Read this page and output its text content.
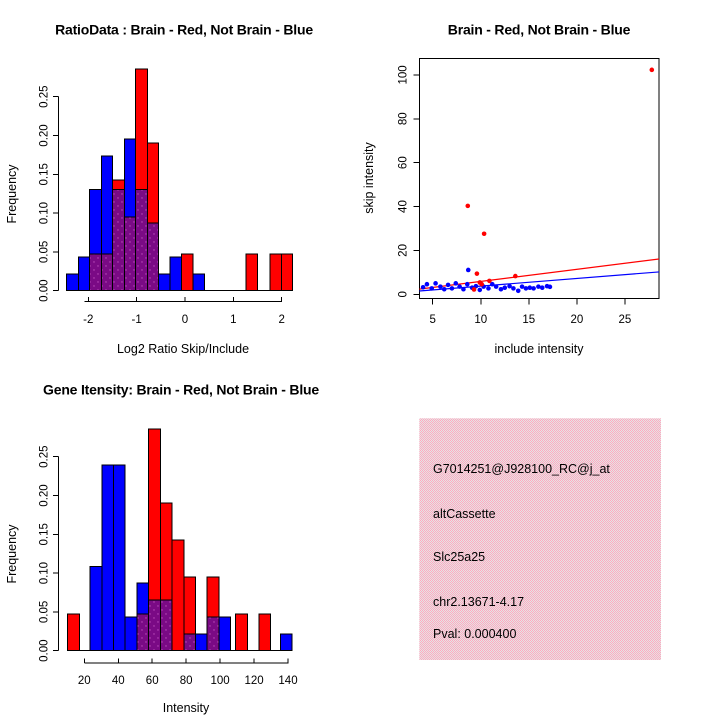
0.00
0.05
0.10
0.15
0.20
0.25
-2	-1	0	1	2
RatioData : Brain - Red, Not Brain - Blue
Log2 Ratio Skip/Include
Frequency
5	10	15	20	25
0
20
40
60
80
100
Brain - Red, Not Brain - Blue
include intensity
skip intensity
0.00
0.05
0.10
0.15
0.20
0.25
20 40 60 80 100 120 140
Gene Itensity: Brain - Red, Not Brain - Blue
Intensity
Frequency
G7014251@J928100_RC@j_at
altCassette
Slc25a25
chr2.13671-4.17
Pval: 0.000400
